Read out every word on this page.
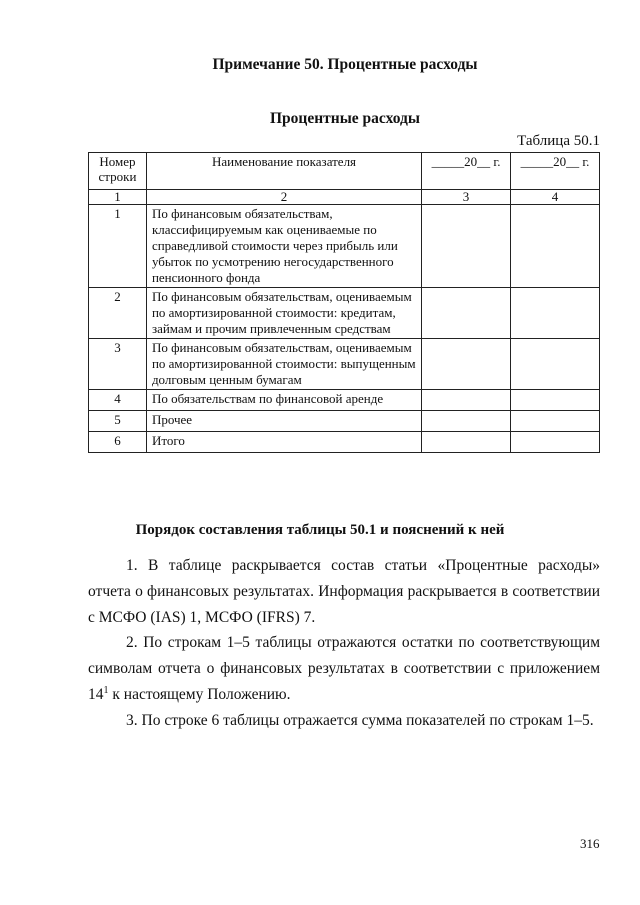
Примечание 50. Процентные расходы
Процентные расходы
Таблица 50.1
Номер строки	Наименование показателя	_____20__ г.	_____20__ г.
1	2	3	4
1	По финансовым обязательствам, классифицируемым как оцениваемые по справедливой стоимости через прибыль или убыток по усмотрению негосударственного пенсионного фонда		
2	По финансовым обязательствам, оцениваемым по амортизированной стоимости: кредитам, займам и прочим привлеченным средствам		
3	По финансовым обязательствам, оцениваемым по амортизированной стоимости: выпущенным долговым ценным бумагам		
4	По обязательствам по финансовой аренде		
5	Прочее		
6	Итого		
Порядок составления таблицы 50.1 и пояснений к ней
1. В таблице раскрывается состав статьи «Процентные расходы» отчета о финансовых результатах. Информация раскрывается в соответствии с МСФО (IAS) 1, МСФО (IFRS) 7.
2. По строкам 1–5 таблицы отражаются остатки по соответствующим символам отчета о финансовых результатах в соответствии с приложением $14^1$ к настоящему Положению.
3. По строке 6 таблицы отражается сумма показателей по строкам 1–5.
316
